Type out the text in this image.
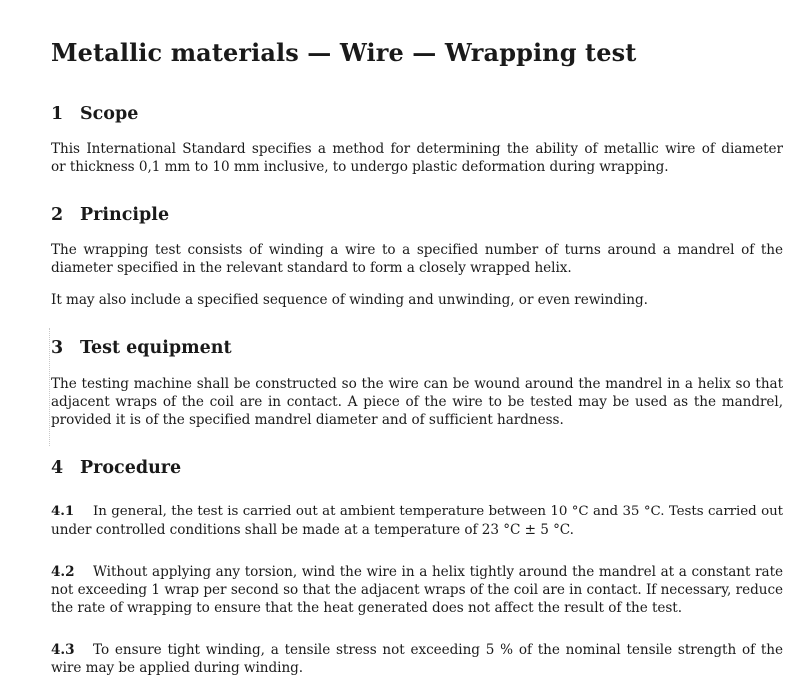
Metallic materials — Wire — Wrapping test
1 Scope

This International Standard specifies a method for determining the ability of metallic wire of diameter
or thickness 0,1 mm to 10 mm inclusive, to undergo plastic deformation during wrapping.

2 Principle

The wrapping test consists of winding a wire to a specified number of turns around a mandrel of the
diameter specified in the relevant standard to form a closely wrapped helix.

It may also include a specified sequence of winding and unwinding, or even rewinding.

3 Test equipment

The testing machine shall be constructed so the wire can be wound around the mandrel in a helix so that
adjacent wraps of the coil are in contact. A piece of the wire to be tested may be used as the mandrel,
provided it is of the specified mandrel diameter and of sufficient hardness.

4 Procedure

4.1 In general, the test is carried out at ambient temperature between 10 °C and 35 °C. Tests carried out
under controlled conditions shall be made at a temperature of 23 °C ± 5 °C.

4.2 Without applying any torsion, wind the wire in a helix tightly around the mandrel at a constant rate
not exceeding 1 wrap per second so that the adjacent wraps of the coil are in contact. If necessary, reduce
the rate of wrapping to ensure that the heat generated does not affect the result of the test.

4.3 To ensure tight winding, a tensile stress not exceeding 5 % of the nominal tensile strength of the
wire may be applied during winding.
